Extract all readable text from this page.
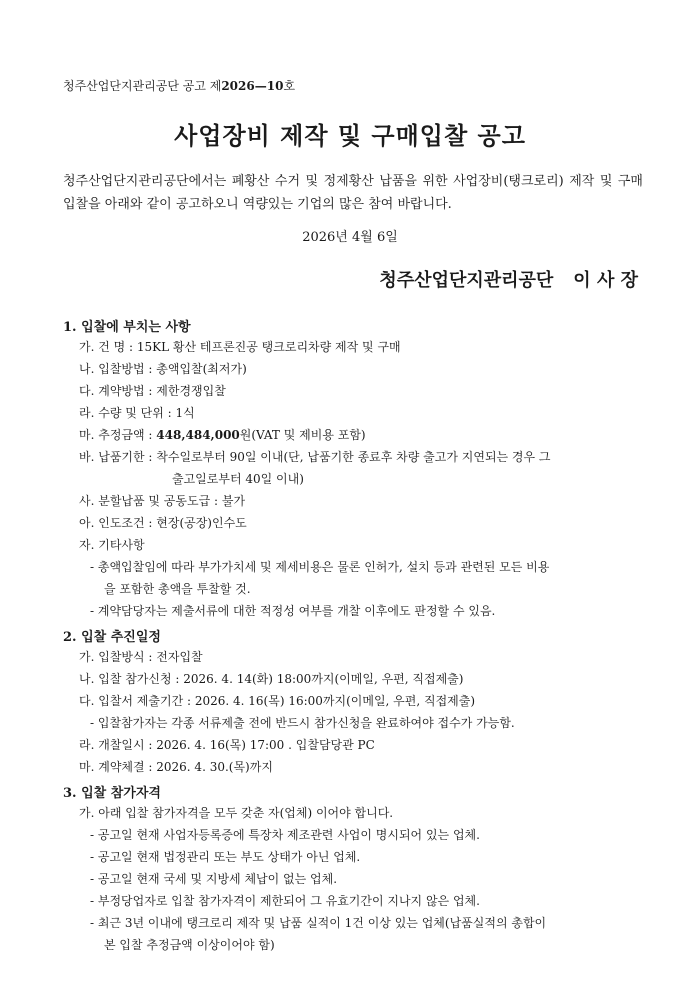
청주산업단지관리공단 공고 제2026—10호
사업장비 제작 및 구매입찰 공고
청주산업단지관리공단에서는 폐황산 수거 및 정제황산 납품을 위한 사업장비(탱크로리) 제작 및 구매 입찰을 아래와 같이 공고하오니 역량있는 기업의 많은 참여 바랍니다.
2026년 4월 6일
청주산업단지관리공단 이 사 장
1. 입찰에 부치는 사항
가. 건 명 : 15KL 황산 테프론진공 탱크로리차량 제작 및 구매
나. 입찰방법 : 총액입찰(최저가)
다. 계약방법 : 제한경쟁입찰
라. 수량 및 단위 : 1식
마. 추정금액 : 448,484,000원(VAT 및 제비용 포함)
바. 납품기한 : 착수일로부터 90일 이내(단, 납품기한 종료후 차량 출고가 지연되는 경우 그
출고일로부터 40일 이내)
사. 분할납품 및 공동도급 : 불가
아. 인도조건 : 현장(공장)인수도
자. 기타사항
- 총액입찰임에 따라 부가가치세 및 제세비용은 물론 인허가, 설치 등과 관련된 모든 비용
을 포함한 총액을 투찰할 것.
- 계약담당자는 제출서류에 대한 적정성 여부를 개찰 이후에도 판정할 수 있음.
2. 입찰 추진일정
가. 입찰방식 : 전자입찰
나. 입찰 참가신청 : 2026. 4. 14(화) 18:00까지(이메일, 우편, 직접제출)
다. 입찰서 제출기간 : 2026. 4. 16(목) 16:00까지(이메일, 우편, 직접제출)
- 입찰참가자는 각종 서류제출 전에 반드시 참가신청을 완료하여야 접수가 가능함.
라. 개찰일시 : 2026. 4. 16(목) 17:00 . 입찰담당관 PC
마. 계약체결 : 2026. 4. 30.(목)까지
3. 입찰 참가자격
가. 아래 입찰 참가자격을 모두 갖춘 자(업체) 이어야 합니다.
- 공고일 현재 사업자등록증에 특장차 제조관련 사업이 명시되어 있는 업체.
- 공고일 현재 법정관리 또는 부도 상태가 아닌 업체.
- 공고일 현재 국세 및 지방세 체납이 없는 업체.
- 부정당업자로 입찰 참가자격이 제한되어 그 유효기간이 지나지 않은 업체.
- 최근 3년 이내에 탱크로리 제작 및 납품 실적이 1건 이상 있는 업체(납품실적의 총합이
본 입찰 추정금액 이상이어야 함)
